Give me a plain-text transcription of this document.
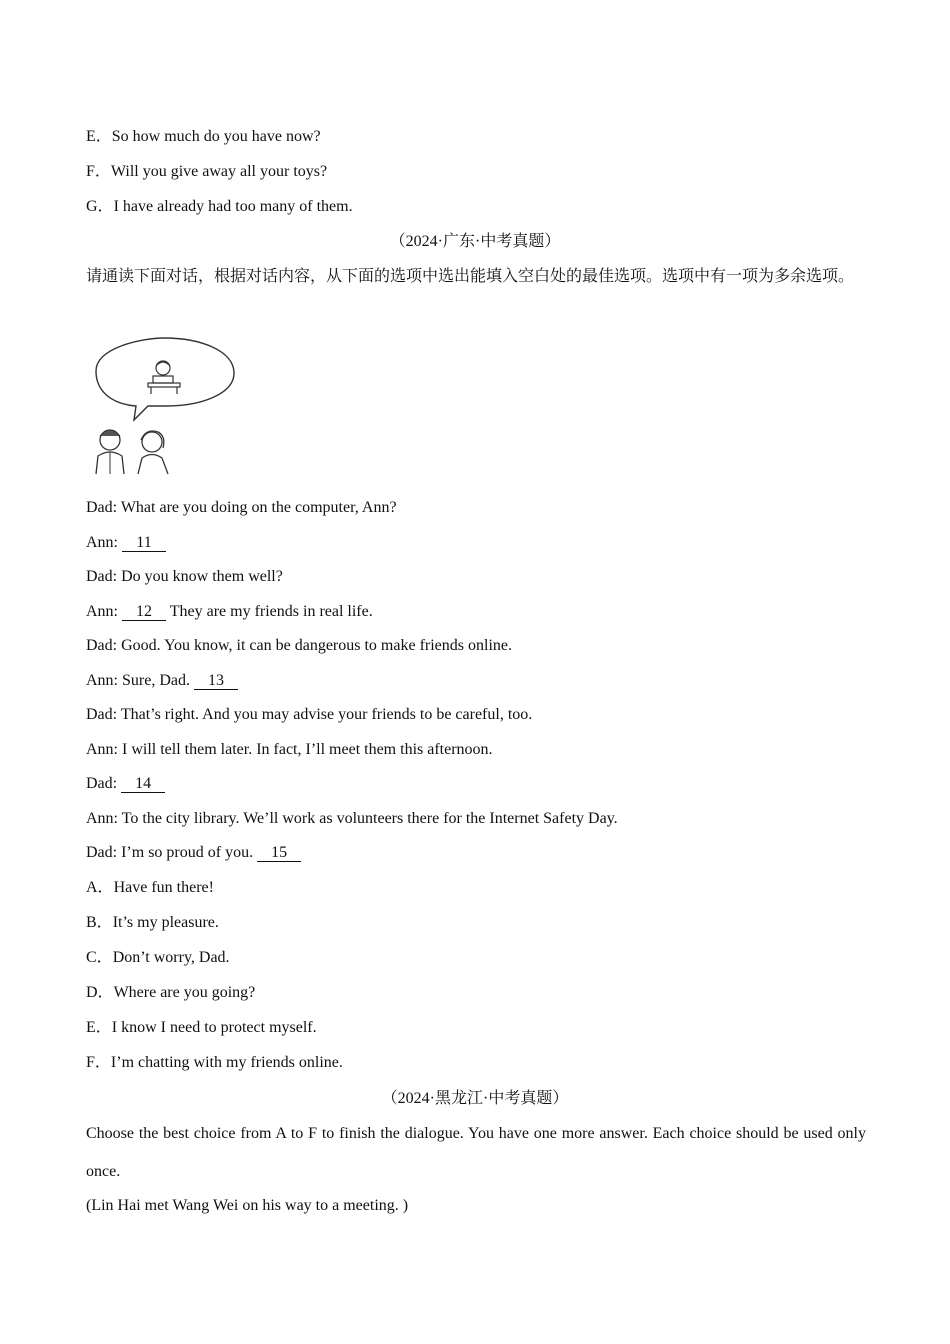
E．So how much do you have now?
F．Will you give away all your toys?
G．I have already had too many of them.
（2024·广东·中考真题）
请通读下面对话，根据对话内容，从下面的选项中选出能填入空白处的最佳选项。选项中有一项为多余选项。
Dad: What are you doing on the computer, Ann?
Ann: 11
Dad: Do you know them well?
Ann: 12 They are my friends in real life.
Dad: Good. You know, it can be dangerous to make friends online.
Ann: Sure, Dad. 13
Dad: That’s right. And you may advise your friends to be careful, too.
Ann: I will tell them later. In fact, I’ll meet them this afternoon.
Dad: 14
Ann: To the city library. We’ll work as volunteers there for the Internet Safety Day.
Dad: I’m so proud of you. 15
A．Have fun there!
B．It’s my pleasure.
C．Don’t worry, Dad.
D．Where are you going?
E．I know I need to protect myself.
F．I’m chatting with my friends online.
（2024·黑龙江·中考真题）
Choose the best choice from A to F to finish the dialogue. You have one more answer. Each choice should be used only once.
(Lin Hai met Wang Wei on his way to a meeting. )
